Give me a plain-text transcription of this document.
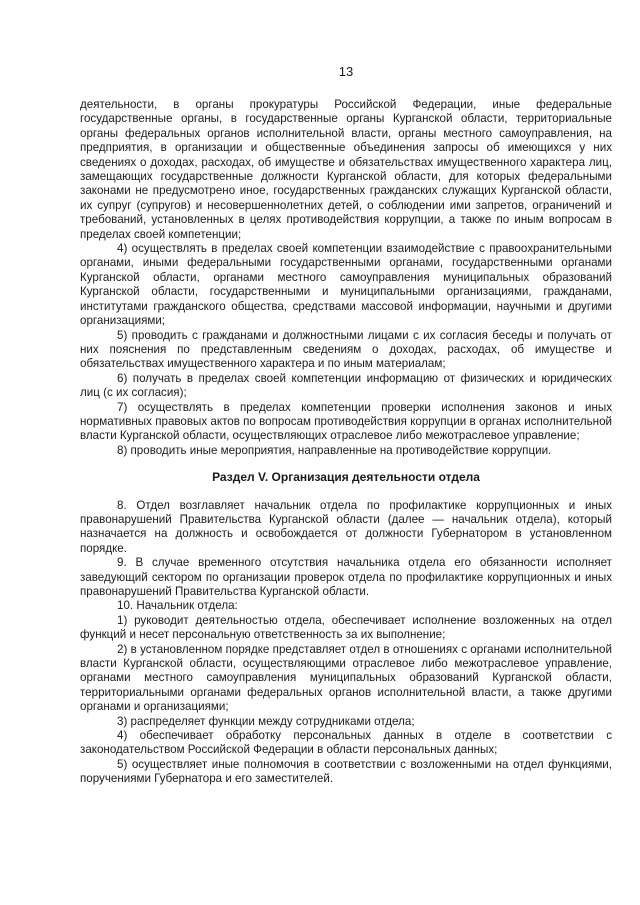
13

деятельности, в органы прокуратуры Российской Федерации, иные федеральные государственные органы, в государственные органы Курганской области, территориальные органы федеральных органов исполнительной власти, органы местного самоуправления, на предприятия, в организации и общественные объединения запросы об имеющихся у них сведениях о доходах, расходах, об имуществе и обязательствах имущественного характера лиц, замещающих государственные должности Курганской области, для которых федеральными законами не предусмотрено иное, государственных гражданских служащих Курганской области, их супруг (супругов) и несовершеннолетних детей, о соблюдении ими запретов, ограничений и требований, установленных в целях противодействия коррупции, а также по иным вопросам в пределах своей компетенции;

4) осуществлять в пределах своей компетенции взаимодействие с правоохранительными органами, иными федеральными государственными органами, государственными органами Курганской области, органами местного самоуправления муниципальных образований Курганской области, государственными и муниципальными организациями, гражданами, институтами гражданского общества, средствами массовой информации, научными и другими организациями;

5) проводить с гражданами и должностными лицами с их согласия беседы и получать от них пояснения по представленным сведениям о доходах, расходах, об имуществе и обязательствах имущественного характера и по иным материалам;

6) получать в пределах своей компетенции информацию от физических и юридических лиц (с их согласия);

7) осуществлять в пределах компетенции проверки исполнения законов и иных нормативных правовых актов по вопросам противодействия коррупции в органах исполнительной власти Курганской области, осуществляющих отраслевое либо межотраслевое управление;

8) проводить иные мероприятия, направленные на противодействие коррупции.

Раздел V. Организация деятельности отдела

8. Отдел возглавляет начальник отдела по профилактике коррупционных и иных правонарушений Правительства Курганской области (далее — начальник отдела), который назначается на должность и освобождается от должности Губернатором в установленном порядке.

9. В случае временного отсутствия начальника отдела его обязанности исполняет заведующий сектором по организации проверок отдела по профилактике коррупционных и иных правонарушений Правительства Курганской области.

10. Начальник отдела:

1) руководит деятельностью отдела, обеспечивает исполнение возложенных на отдел функций и несет персональную ответственность за их выполнение;

2) в установленном порядке представляет отдел в отношениях с органами исполнительной власти Курганской области, осуществляющими отраслевое либо межотраслевое управление, органами местного самоуправления муниципальных образований Курганской области, территориальными органами федеральных органов исполнительной власти, а также другими органами и организациями;

3) распределяет функции между сотрудниками отдела;

4) обеспечивает обработку персональных данных в отделе в соответствии с законодательством Российской Федерации в области персональных данных;

5) осуществляет иные полномочия в соответствии с возложенными на отдел функциями, поручениями Губернатора и его заместителей.
